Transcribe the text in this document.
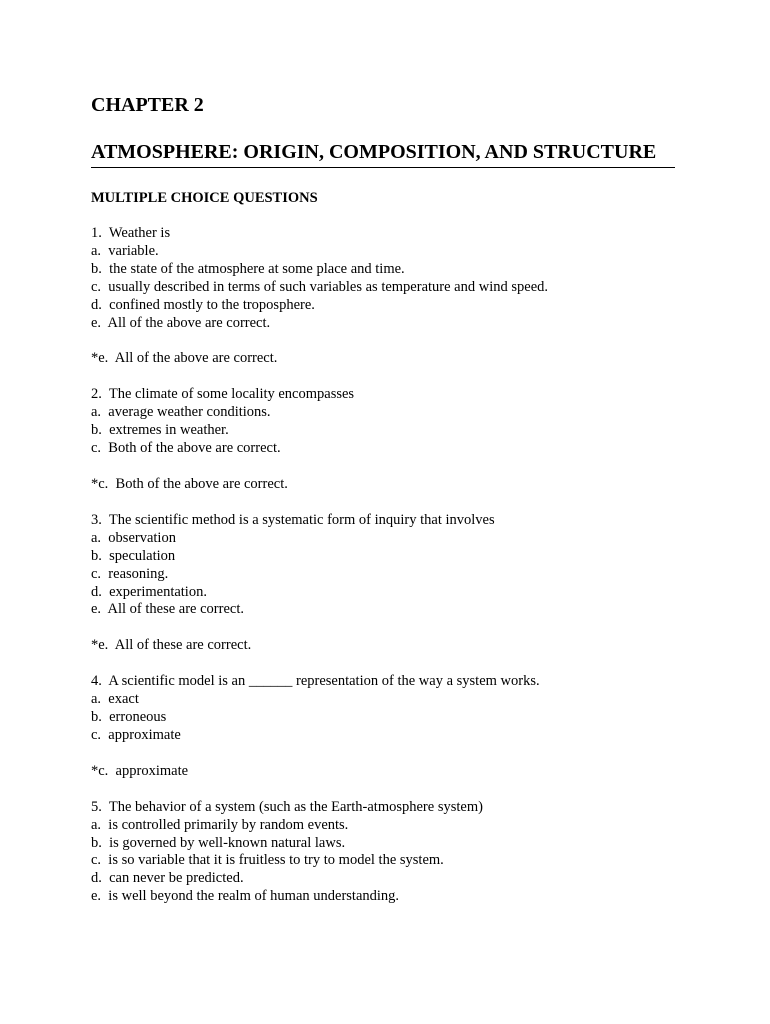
CHAPTER 2
ATMOSPHERE: ORIGIN, COMPOSITION, AND STRUCTURE
MULTIPLE CHOICE QUESTIONS
1.  Weather is
a.  variable.
b.  the state of the atmosphere at some place and time.
c.  usually described in terms of such variables as temperature and wind speed.
d.  confined mostly to the troposphere.
e.  All of the above are correct.
*e.  All of the above are correct.
2.  The climate of some locality encompasses
a.  average weather conditions.
b.  extremes in weather.
c.  Both of the above are correct.
*c.  Both of the above are correct.
3.  The scientific method is a systematic form of inquiry that involves
a.  observation
b.  speculation
c.  reasoning.
d.  experimentation.
e.  All of these are correct.
*e.  All of these are correct.
4.  A scientific model is an ______ representation of the way a system works.
a.  exact
b.  erroneous
c.  approximate
*c.  approximate
5.  The behavior of a system (such as the Earth-atmosphere system)
a.  is controlled primarily by random events.
b.  is governed by well-known natural laws.
c.  is so variable that it is fruitless to try to model the system.
d.  can never be predicted.
e.  is well beyond the realm of human understanding.
